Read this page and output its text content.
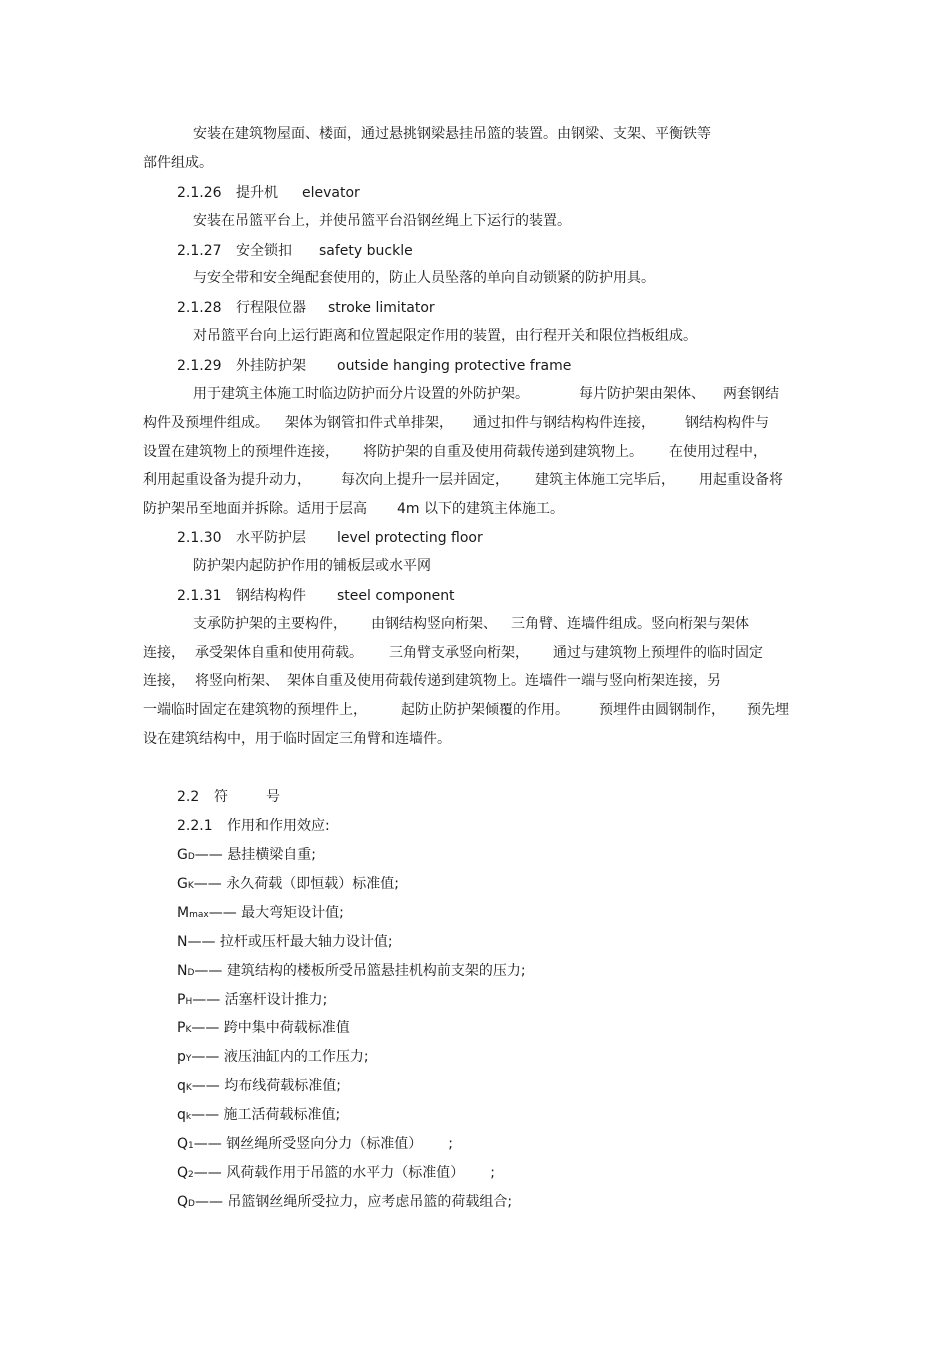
安装在建筑物屋面、楼面，通过悬挑钢梁悬挂吊篮的装置。由钢梁、支架、平衡铁等
部件组成。
2.1.26 提升机 elevator
安装在吊篮平台上，并使吊篮平台沿钢丝绳上下运行的装置。
2.1.27 安全锁扣 safety buckle
与安全带和安全绳配套使用的，防止人员坠落的单向自动锁紧的防护用具。
2.1.28 行程限位器 stroke limitator
对吊篮平台向上运行距离和位置起限定作用的装置，由行程开关和限位挡板组成。
2.1.29 外挂防护架 outside hanging protective frame
用于建筑主体施工时临边防护而分片设置的外防护架。	每片防护架由架体、 两套钢结
构件及预埋件组成。 架体为钢管扣件式单排架， 通过扣件与钢结构构件连接， 钢结构构件与
设置在建筑物上的预埋件连接， 将防护架的自重及使用荷载传递到建筑物上。 在使用过程中，
利用起重设备为提升动力， 每次向上提升一层并固定， 建筑主体施工完毕后， 用起重设备将
防护架吊至地面并拆除。适用于层高 4m 以下的建筑主体施工。
2.1.30 水平防护层 level protecting floor
防护架内起防护作用的铺板层或水平网
2.1.31 钢结构构件 steel component
支承防护架的主要构件， 由钢结构竖向桁架、 三角臂、连墙件组成。竖向桁架与架体
连接， 承受架体自重和使用荷载。 三角臂支承竖向桁架， 通过与建筑物上预埋件的临时固定
连接， 将竖向桁架、 架体自重及使用荷载传递到建筑物上。连墙件一端与竖向桁架连接，另
一端临时固定在建筑物的预埋件上， 起防止防护架倾覆的作用。 预埋件由圆钢制作， 预先埋
设在建筑结构中，用于临时固定三角臂和连墙件。
2.2 符	号
2.2.1 作用和作用效应:
GD—— 悬挂横梁自重;
GK—— 永久荷载（即恒载）标准值;
Mmax—— 最大弯矩设计值;
N—— 拉杆或压杆最大轴力设计值;
ND—— 建筑结构的楼板所受吊篮悬挂机构前支架的压力;
PH—— 活塞杆设计推力;
PK—— 跨中集中荷载标准值
pY—— 液压油缸内的工作压力;
qK—— 均布线荷载标准值;
qk—— 施工活荷载标准值;
Q1—— 钢丝绳所受竖向分力（标准值） ;
Q2—— 风荷载作用于吊篮的水平力（标准值） ;
QD—— 吊篮钢丝绳所受拉力，应考虑吊篮的荷载组合;
